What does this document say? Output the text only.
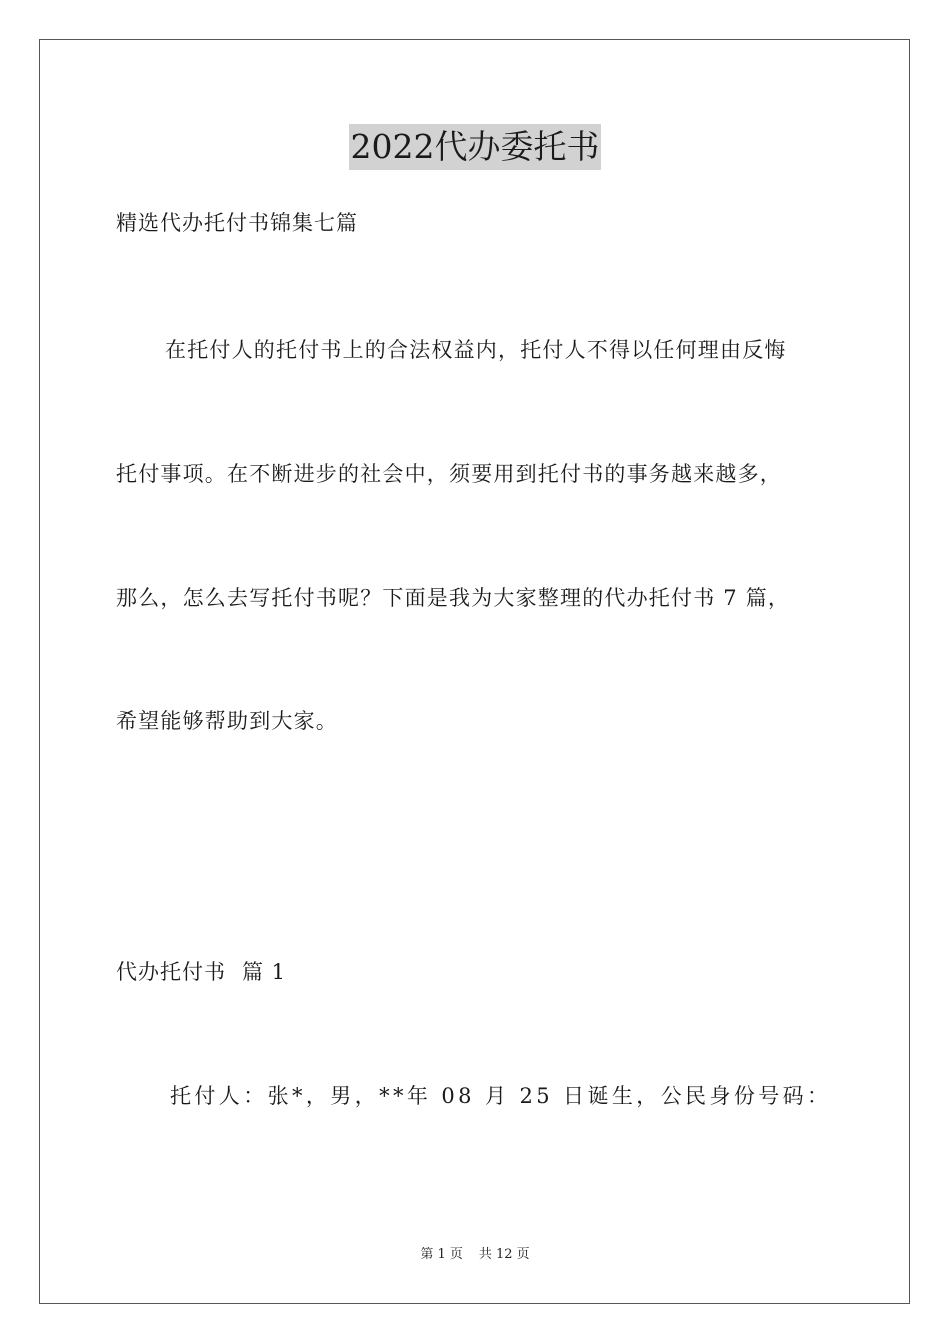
2022代办委托书
精选代办托付书锦集七篇
在托付人的托付书上的合法权益内，托付人不得以任何理由反悔
托付事项。在不断进步的社会中，须要用到托付书的事务越来越多，
那么，怎么去写托付书呢？下面是我为大家整理的代办托付书 7 篇，
希望能够帮助到大家。
代办托付书 篇 1
托付人：张*，男，**年 08 月 25 日诞生，公民身份号码：
第 1 页 共 12 页
